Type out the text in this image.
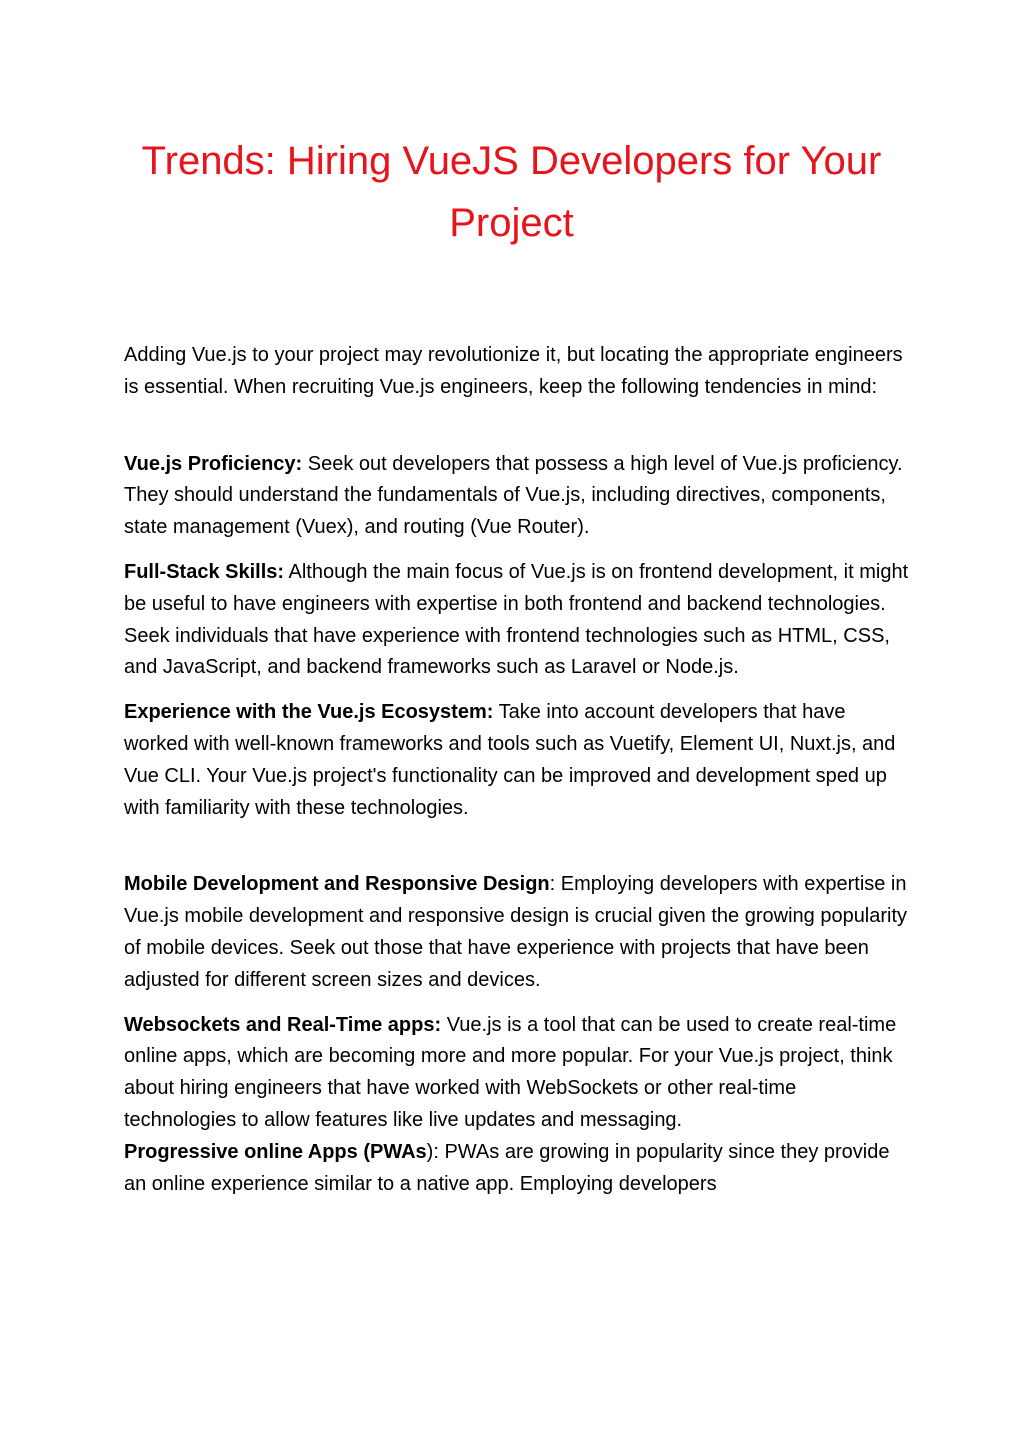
Trends: Hiring VueJS Developers for Your Project

Adding Vue.js to your project may revolutionize it, but locating the appropriate engineers is essential. When recruiting Vue.js engineers, keep the following tendencies in mind:

Vue.js Proficiency: Seek out developers that possess a high level of Vue.js proficiency. They should understand the fundamentals of Vue.js, including directives, components, state management (Vuex), and routing (Vue Router).

Full-Stack Skills: Although the main focus of Vue.js is on frontend development, it might be useful to have engineers with expertise in both frontend and backend technologies. Seek individuals that have experience with frontend technologies such as HTML, CSS, and JavaScript, and backend frameworks such as Laravel or Node.js.

Experience with the Vue.js Ecosystem: Take into account developers that have worked with well-known frameworks and tools such as Vuetify, Element UI, Nuxt.js, and Vue CLI. Your Vue.js project's functionality can be improved and development sped up with familiarity with these technologies.

Mobile Development and Responsive Design: Employing developers with expertise in Vue.js mobile development and responsive design is crucial given the growing popularity of mobile devices. Seek out those that have experience with projects that have been adjusted for different screen sizes and devices.

Websockets and Real-Time apps: Vue.js is a tool that can be used to create real-time online apps, which are becoming more and more popular. For your Vue.js project, think about hiring engineers that have worked with WebSockets or other real-time technologies to allow features like live updates and messaging.

Progressive online Apps (PWAs): PWAs are growing in popularity since they provide an online experience similar to a native app. Employing developers
